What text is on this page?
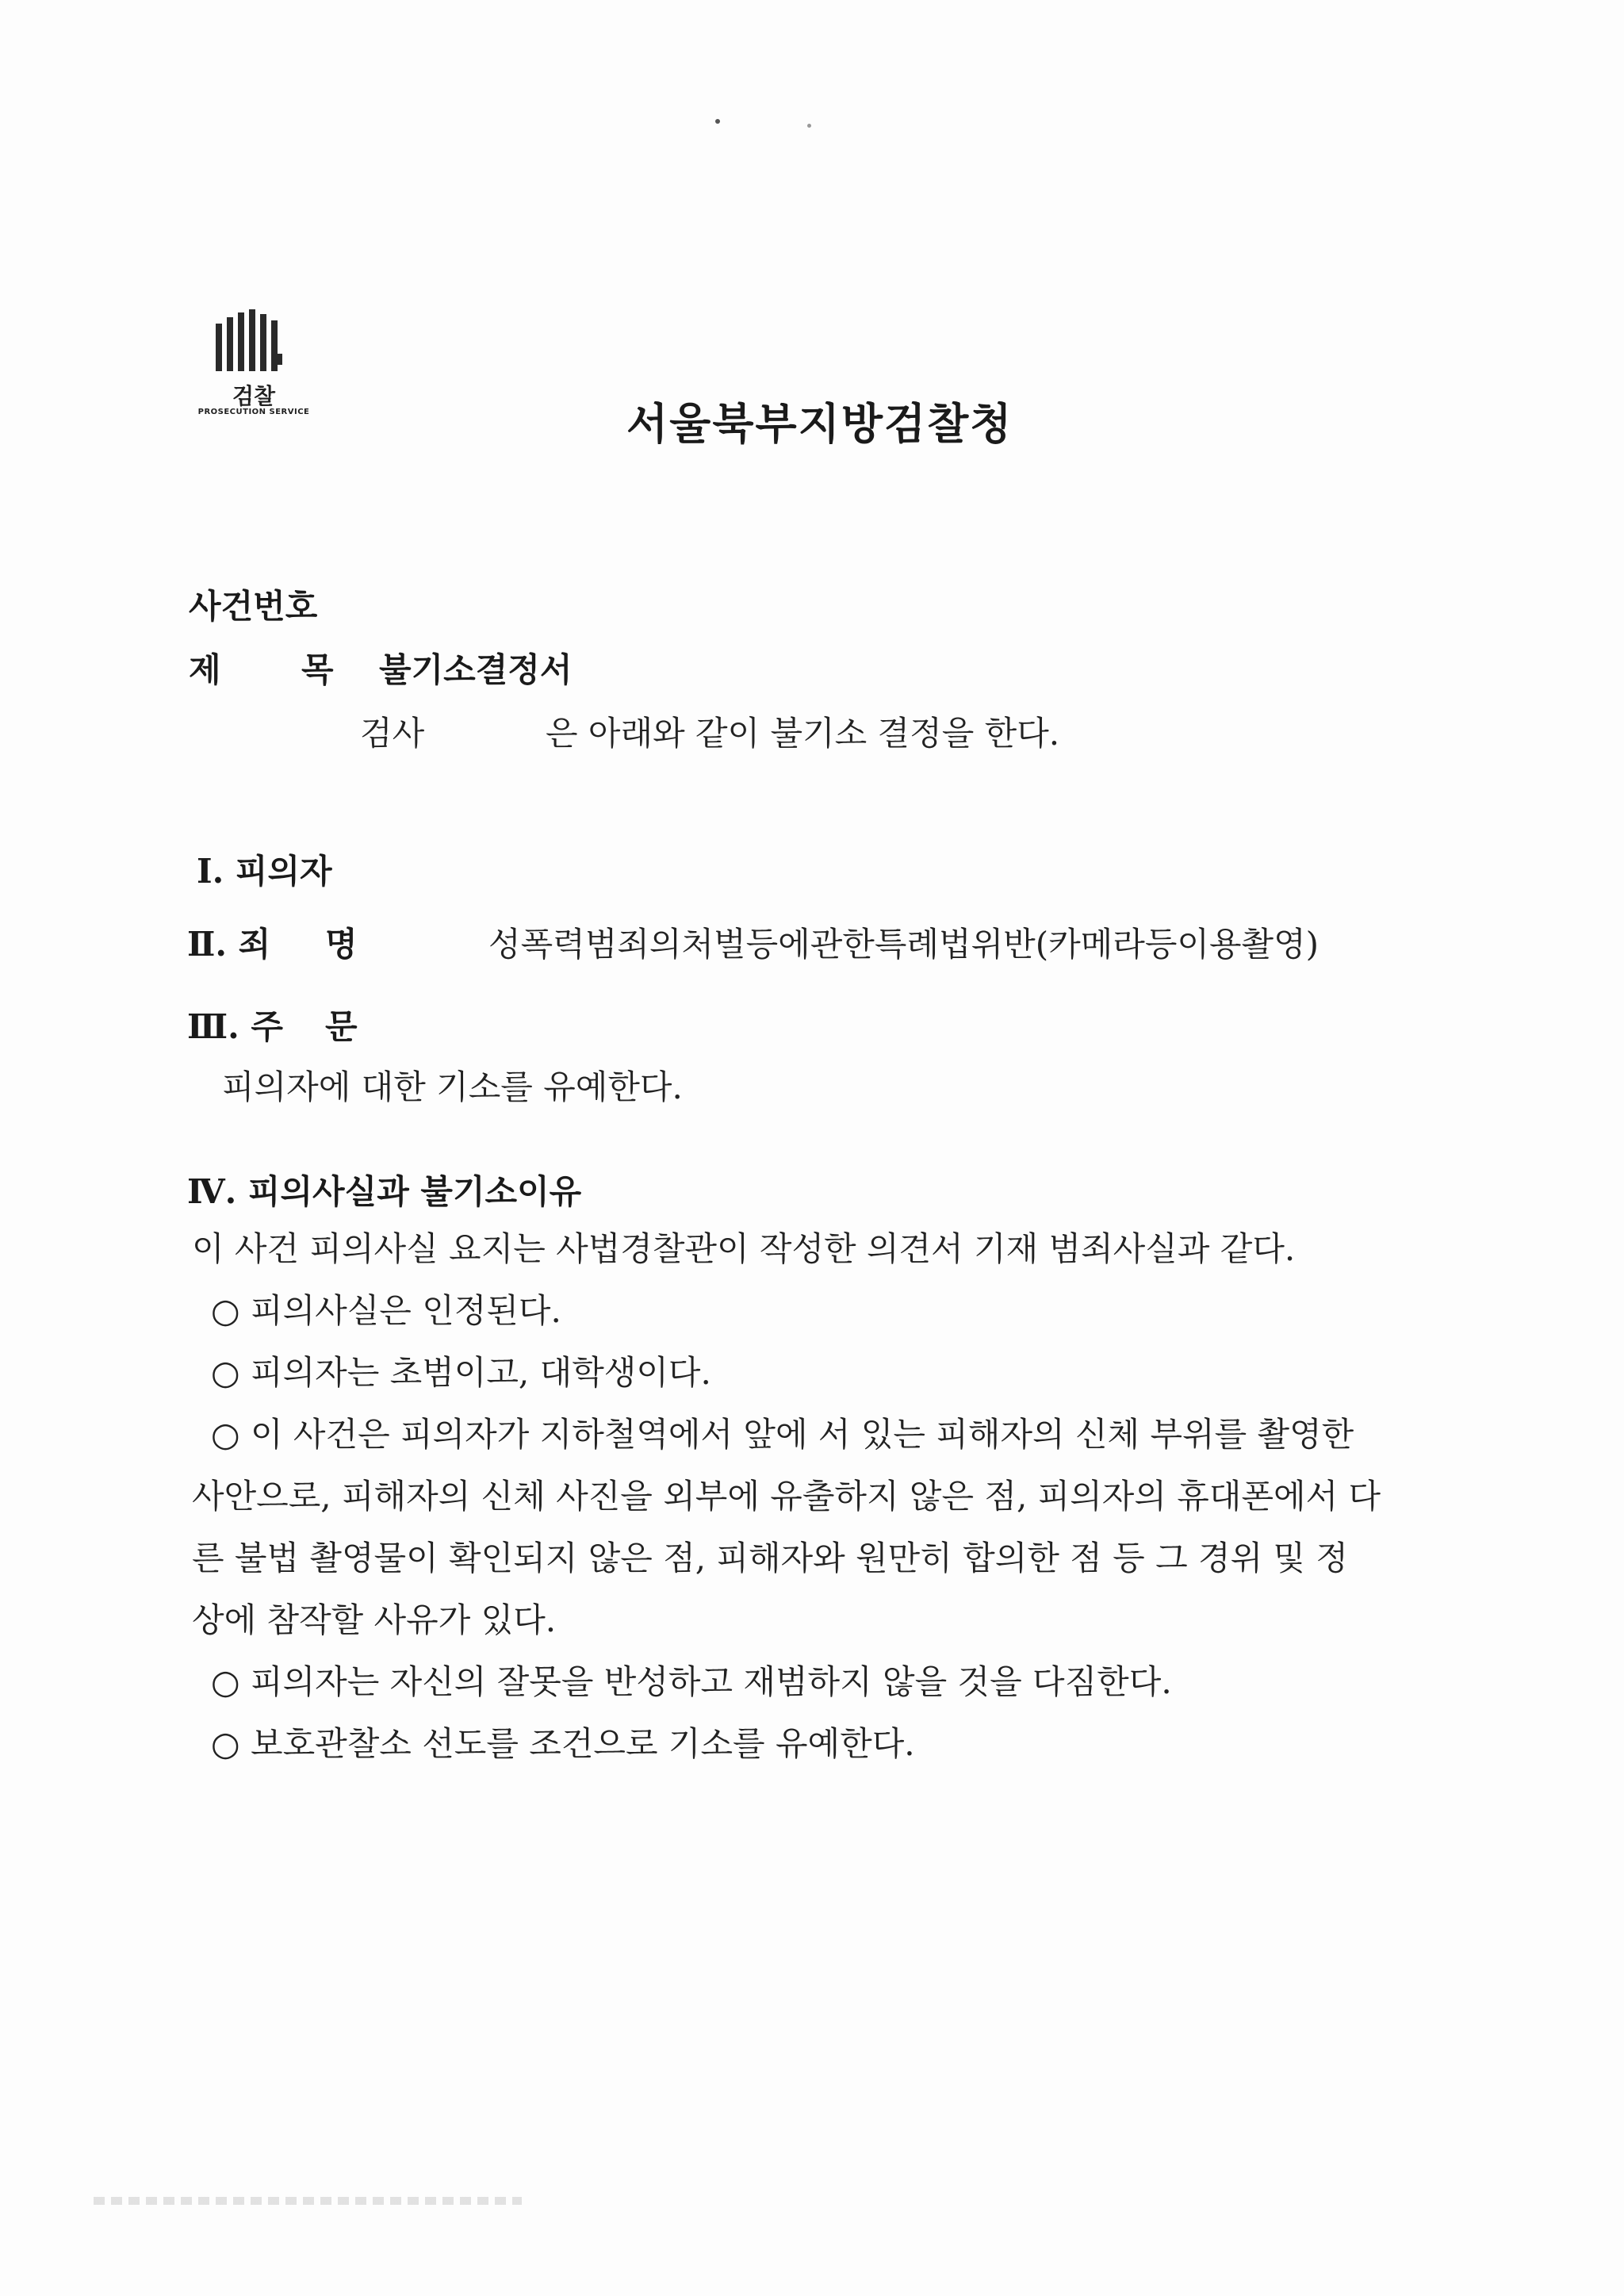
검찰
PROSECUTION SERVICE	서울북부지방검찰청
사건번호
제 목 불기소결정서
검사	은 아래와 같이 불기소 결정을 한다.
Ⅰ. 피의자
Ⅱ. 죄 명	성폭력범죄의처벌등에관한특례법위반(카메라등이용촬영)
Ⅲ. 주 문
피의자에 대한 기소를 유예한다.
Ⅳ. 피의사실과 불기소이유
이 사건 피의사실 요지는 사법경찰관이 작성한 의견서 기재 범죄사실과 같다.
○ 피의사실은 인정된다.
○ 피의자는 초범이고, 대학생이다.
○ 이 사건은 피의자가 지하철역에서 앞에 서 있는 피해자의 신체 부위를 촬영한
사안으로, 피해자의 신체 사진을 외부에 유출하지 않은 점, 피의자의 휴대폰에서 다
른 불법 촬영물이 확인되지 않은 점, 피해자와 원만히 합의한 점 등 그 경위 및 정
상에 참작할 사유가 있다.
○ 피의자는 자신의 잘못을 반성하고 재범하지 않을 것을 다짐한다.
○ 보호관찰소 선도를 조건으로 기소를 유예한다.
